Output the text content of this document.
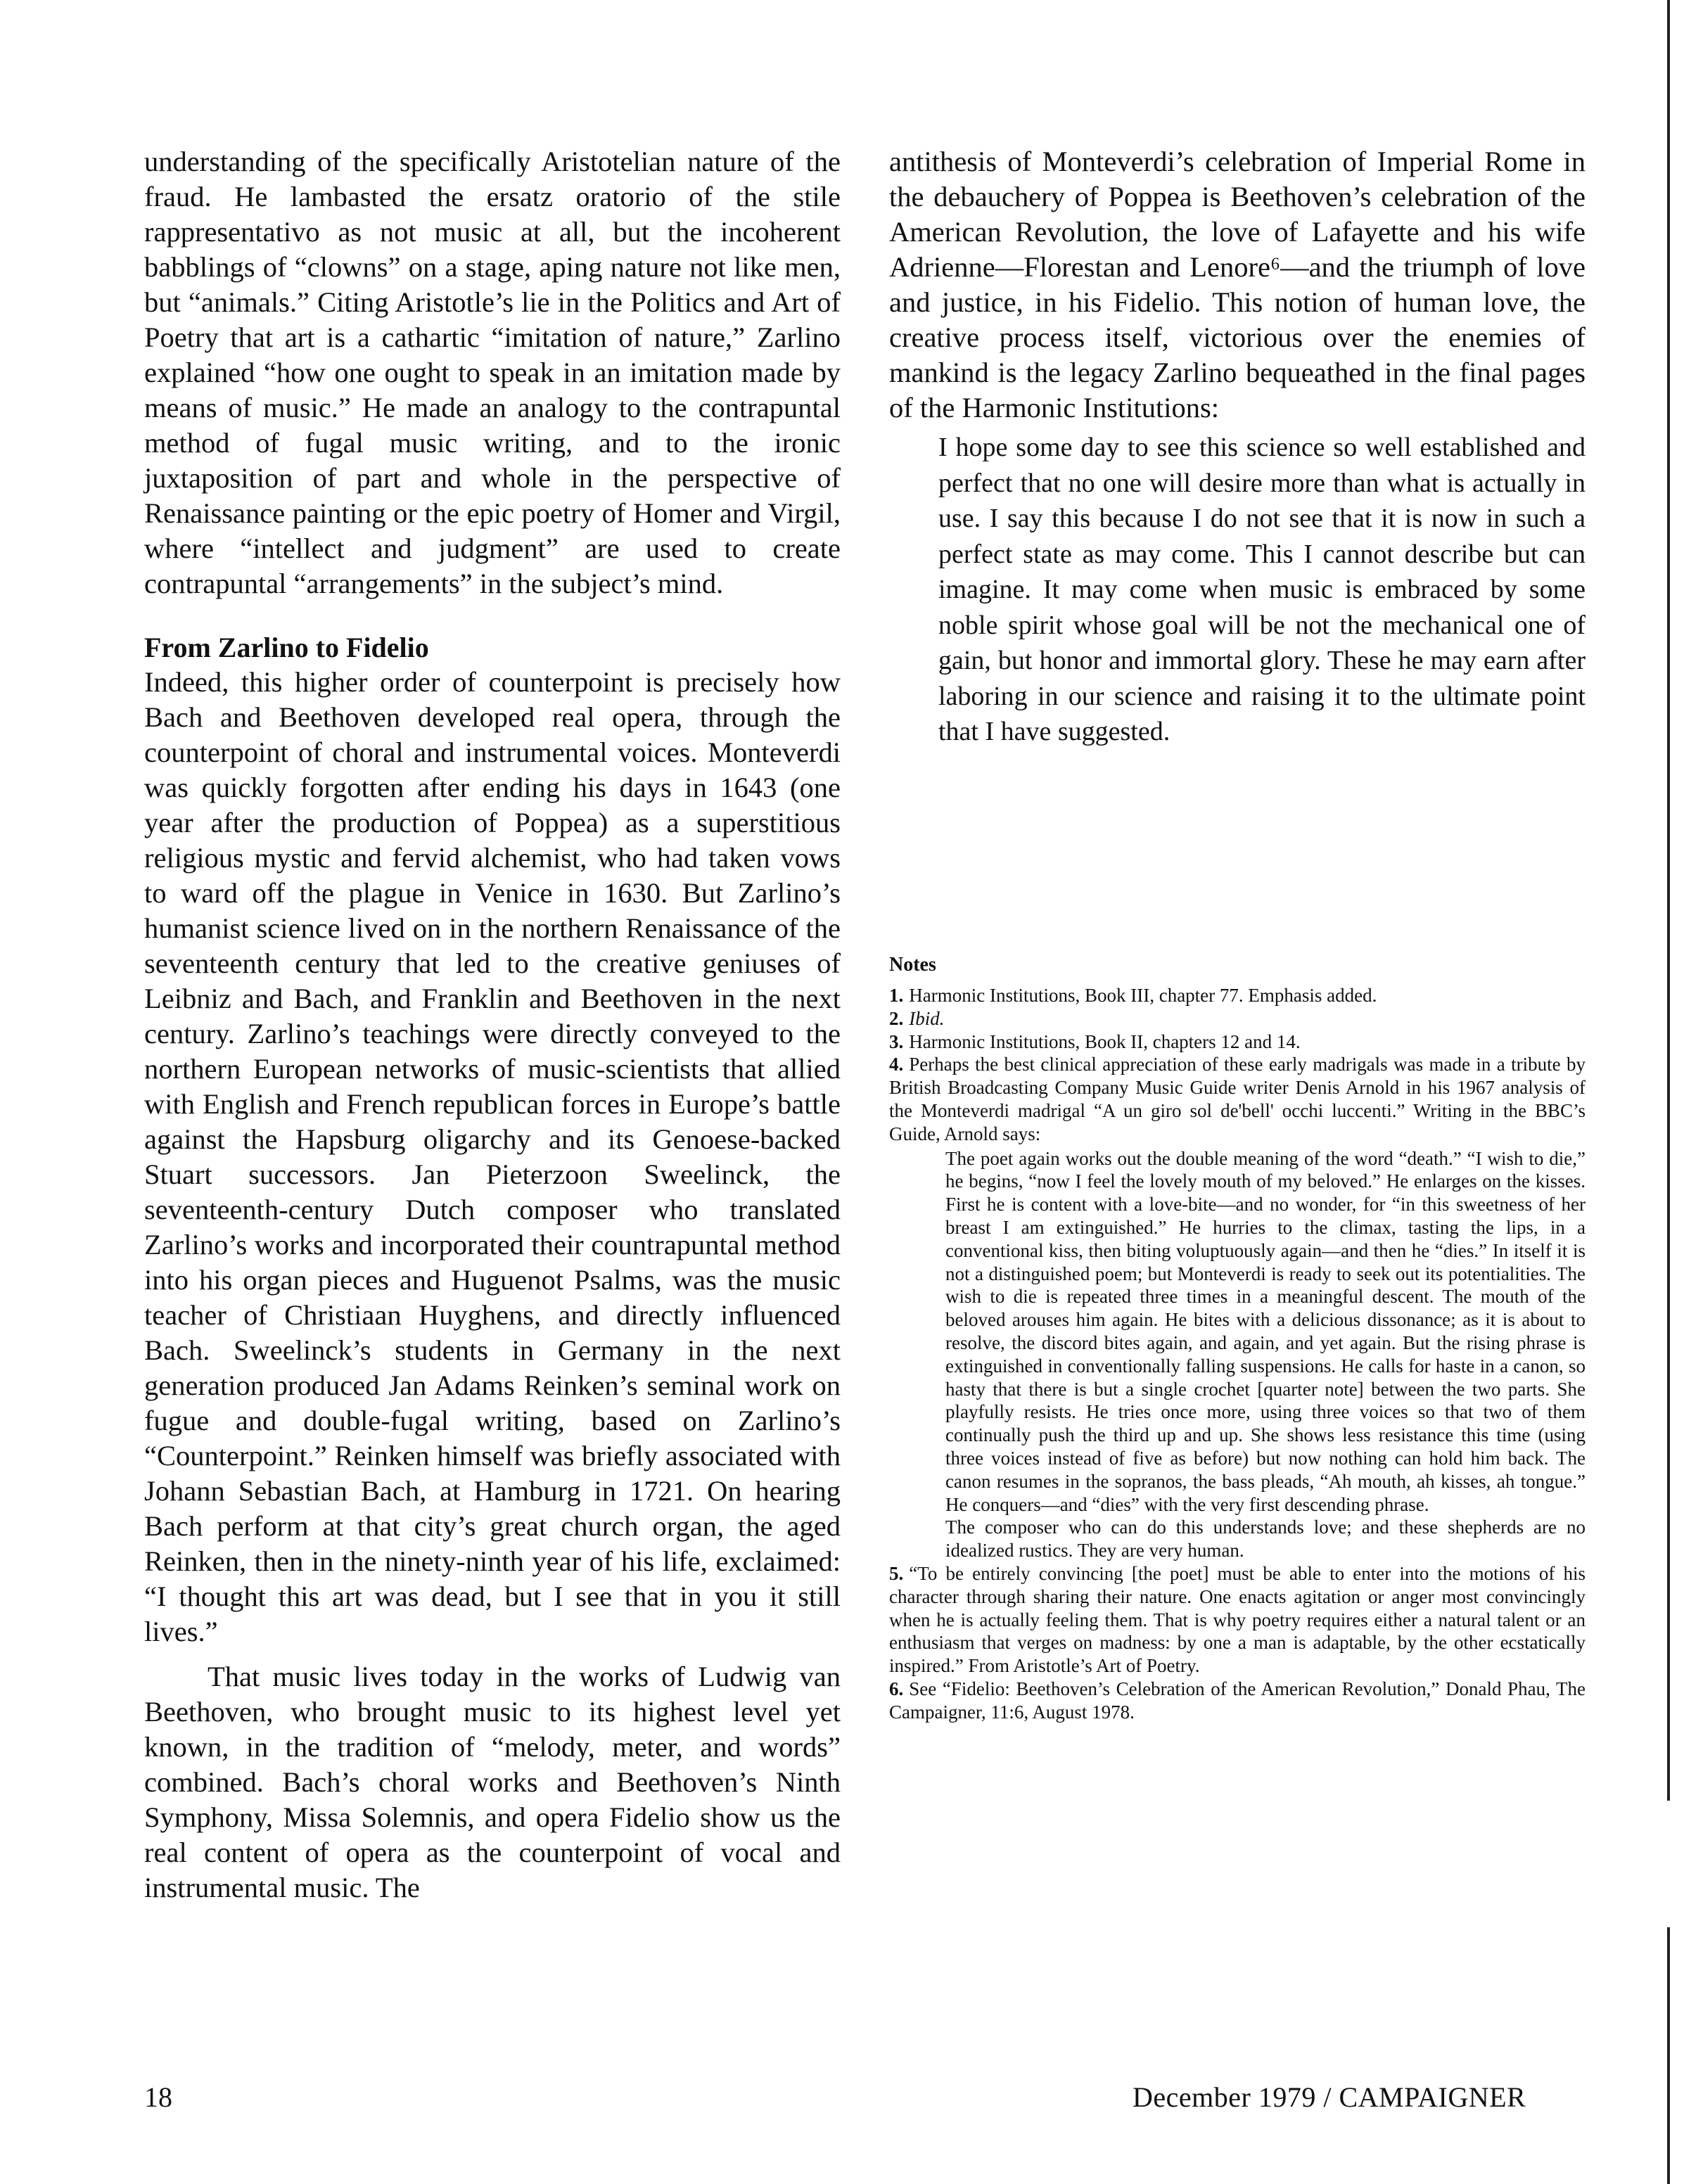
understanding of the specifically Aristotelian nature of the fraud. He lambasted the ersatz oratorio of the stile rappresentativo as not music at all, but the incoherent babblings of “clowns” on a stage, aping nature not like men, but “animals.” Citing Aristotle’s lie in the Politics and Art of Poetry that art is a cathartic “imitation of nature,” Zarlino explained “how one ought to speak in an imitation made by means of music.” He made an analogy to the contrapuntal method of fugal music writing, and to the ironic juxtaposition of part and whole in the perspective of Renaissance painting or the epic poetry of Homer and Virgil, where “intellect and judgment” are used to create contrapuntal “arrangements” in the subject’s mind.

From Zarlino to Fidelio

Indeed, this higher order of counterpoint is precisely how Bach and Beethoven developed real opera, through the counterpoint of choral and instrumental voices. Monteverdi was quickly forgotten after ending his days in 1643 (one year after the production of Poppea) as a superstitious religious mystic and fervid alchemist, who had taken vows to ward off the plague in Venice in 1630. But Zarlino’s humanist science lived on in the northern Renaissance of the seventeenth century that led to the creative geniuses of Leibniz and Bach, and Franklin and Beethoven in the next century. Zarlino’s teachings were directly conveyed to the northern European networks of music-scientists that allied with English and French republican forces in Europe’s battle against the Hapsburg oligarchy and its Genoese-backed Stuart successors. Jan Pieterzoon Sweelinck, the seventeenth-century Dutch composer who translated Zarlino’s works and incorporated their countrapuntal method into his organ pieces and Huguenot Psalms, was the music teacher of Christiaan Huyghens, and directly influenced Bach. Sweelinck’s students in Germany in the next generation produced Jan Adams Reinken’s seminal work on fugue and double-fugal writing, based on Zarlino’s “Counterpoint.” Reinken himself was briefly associated with Johann Sebastian Bach, at Hamburg in 1721. On hearing Bach perform at that city’s great church organ, the aged Reinken, then in the ninety-ninth year of his life, exclaimed: “I thought this art was dead, but I see that in you it still lives.”

That music lives today in the works of Ludwig van Beethoven, who brought music to its highest level yet known, in the tradition of “melody, meter, and words” combined. Bach’s choral works and Beethoven’s Ninth Symphony, Missa Solemnis, and opera Fidelio show us the real content of opera as the counterpoint of vocal and instrumental music. The

antithesis of Monteverdi’s celebration of Imperial Rome in the debauchery of Poppea is Beethoven’s celebration of the American Revolution, the love of Lafayette and his wife Adrienne—Florestan and Lenore⁶—and the triumph of love and justice, in his Fidelio. This notion of human love, the creative process itself, victorious over the enemies of mankind is the legacy Zarlino bequeathed in the final pages of the Harmonic Institutions:

I hope some day to see this science so well established and perfect that no one will desire more than what is actually in use. I say this because I do not see that it is now in such a perfect state as may come. This I cannot describe but can imagine. It may come when music is embraced by some noble spirit whose goal will be not the mechanical one of gain, but honor and immortal glory. These he may earn after laboring in our science and raising it to the ultimate point that I have suggested.
Notes

1. Harmonic Institutions, Book III, chapter 77. Emphasis added.

2. Ibid.

3. Harmonic Institutions, Book II, chapters 12 and 14.

4. Perhaps the best clinical appreciation of these early madrigals was made in a tribute by British Broadcasting Company Music Guide writer Denis Arnold in his 1967 analysis of the Monteverdi madrigal “A un giro sol de'bell' occhi luccenti.” Writing in the BBC’s Guide, Arnold says:

The poet again works out the double meaning of the word “death.” “I wish to die,” he begins, “now I feel the lovely mouth of my beloved.” He enlarges on the kisses. First he is content with a love-bite—and no wonder, for “in this sweetness of her breast I am extinguished.” He hurries to the climax, tasting the lips, in a conventional kiss, then biting voluptuously again—and then he “dies.” In itself it is not a distinguished poem; but Monteverdi is ready to seek out its potentialities. The wish to die is repeated three times in a meaningful descent. The mouth of the beloved arouses him again. He bites with a delicious dissonance; as it is about to resolve, the discord bites again, and again, and yet again. But the rising phrase is extinguished in conventionally falling suspensions. He calls for haste in a canon, so hasty that there is but a single crochet [quarter note] between the two parts. She playfully resists. He tries once more, using three voices so that two of them continually push the third up and up. She shows less resistance this time (using three voices instead of five as before) but now nothing can hold him back. The canon resumes in the sopranos, the bass pleads, “Ah mouth, ah kisses, ah tongue.” He conquers—and “dies” with the very first descending phrase.

The composer who can do this understands love; and these shepherds are no idealized rustics. They are very human.

5. “To be entirely convincing [the poet] must be able to enter into the motions of his character through sharing their nature. One enacts agitation or anger most convincingly when he is actually feeling them. That is why poetry requires either a natural talent or an enthusiasm that verges on madness: by one a man is adaptable, by the other ecstatically inspired.” From Aristotle’s Art of Poetry.

6. See “Fidelio: Beethoven’s Celebration of the American Revolution,” Donald Phau, The Campaigner, 11:6, August 1978.

18	December 1979 / CAMPAIGNER
